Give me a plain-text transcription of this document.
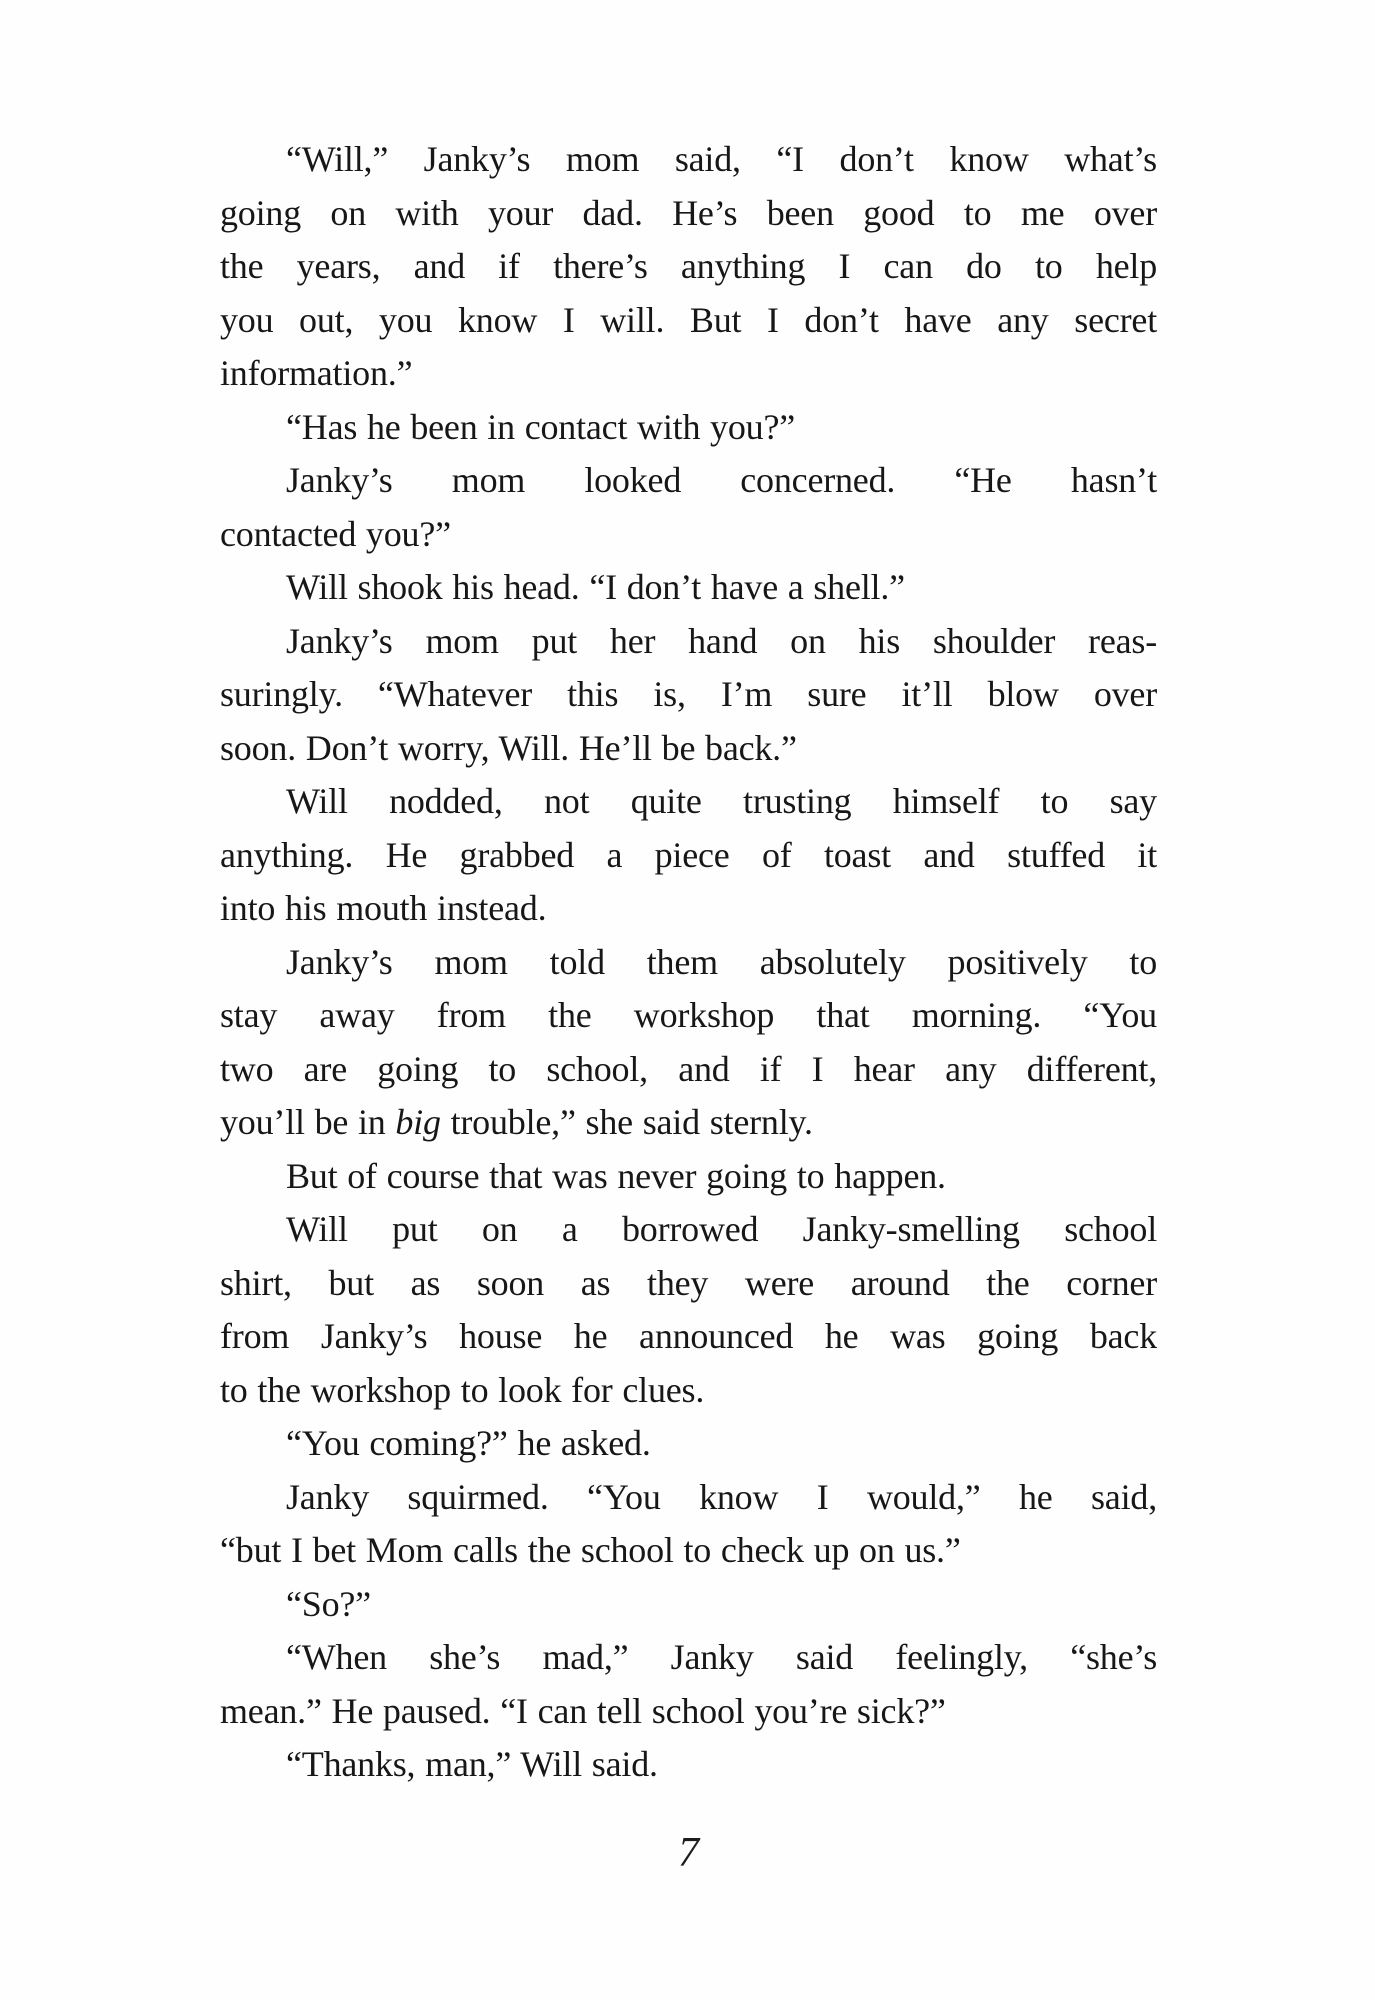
“Will,” Janky’s mom said, “I don’t know what’s
going on with your dad. He’s been good to me over
the years, and if there’s anything I can do to help
you out, you know I will. But I don’t have any secret
information.”
“Has he been in contact with you?”
Janky’s mom looked concerned. “He hasn’t
contacted you?”
Will shook his head. “I don’t have a shell.”
Janky’s mom put her hand on his shoulder reas-
suringly. “Whatever this is, I’m sure it’ll blow over
soon. Don’t worry, Will. He’ll be back.”
Will nodded, not quite trusting himself to say
anything. He grabbed a piece of toast and stuffed it
into his mouth instead.
Janky’s mom told them absolutely positively to
stay away from the workshop that morning. “You
two are going to school, and if I hear any different,
you’ll be in big trouble,” she said sternly.
But of course that was never going to happen.
Will put on a borrowed Janky-smelling school
shirt, but as soon as they were around the corner
from Janky’s house he announced he was going back
to the workshop to look for clues.
“You coming?” he asked.
Janky squirmed. “You know I would,” he said,
“but I bet Mom calls the school to check up on us.”
“So?”
“When she’s mad,” Janky said feelingly, “she’s
mean.” He paused. “I can tell school you’re sick?”
“Thanks, man,” Will said.
7
